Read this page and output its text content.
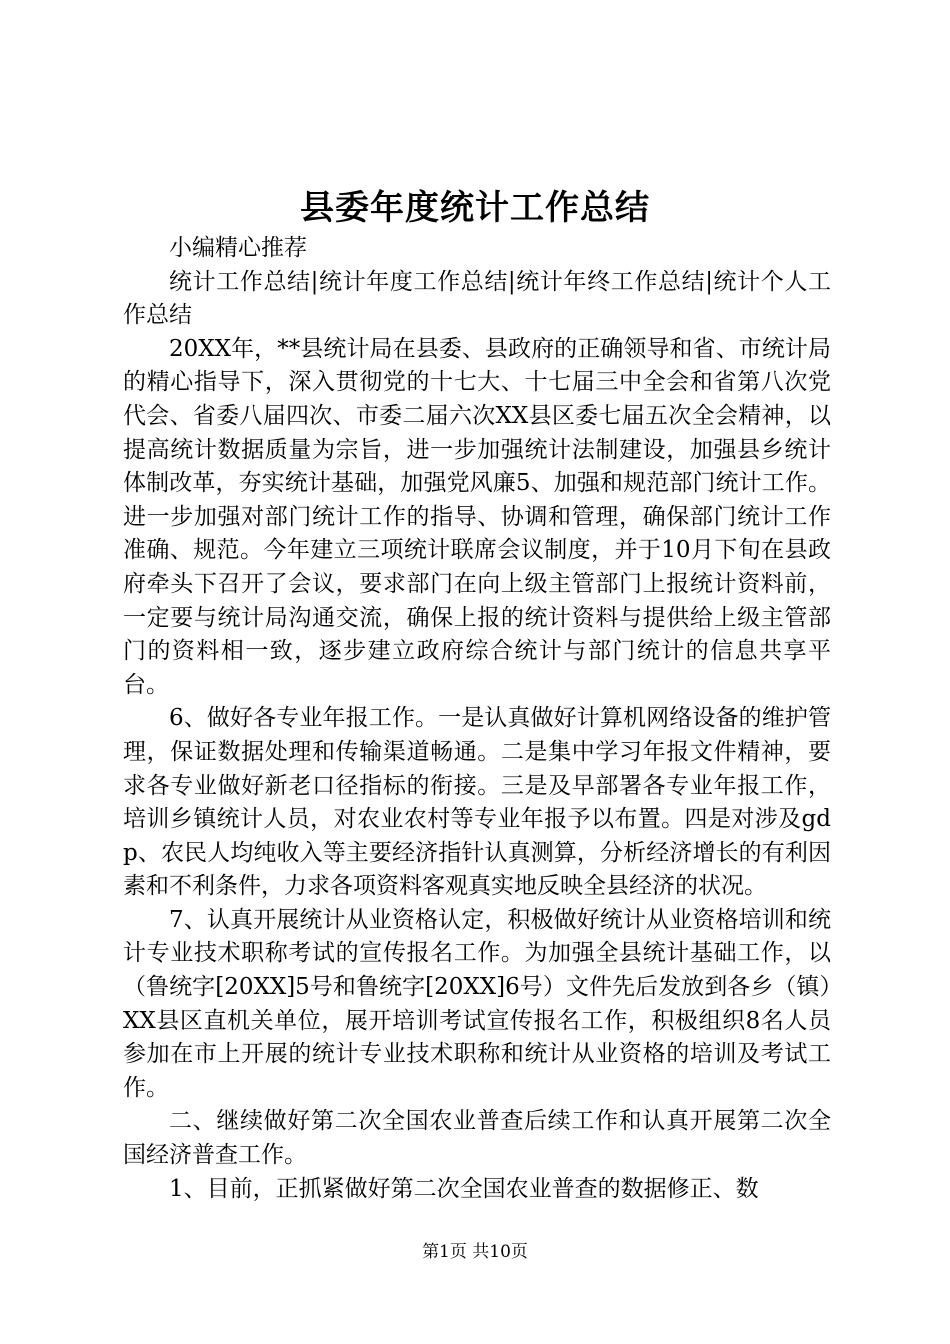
县委年度统计工作总结

小编精心推荐

统计工作总结|统计年度工作总结|统计年终工作总结|统计个人工作总结

20XX年，**县统计局在县委、县政府的正确领导和省、市统计局的精心指导下，深入贯彻党的十七大、十七届三中全会和省第八次党代会、省委八届四次、市委二届六次XX县区委七届五次全会精神，以提高统计数据质量为宗旨，进一步加强统计法制建设，加强县乡统计体制改革，夯实统计基础，加强党风廉5、加强和规范部门统计工作。进一步加强对部门统计工作的指导、协调和管理，确保部门统计工作准确、规范。今年建立三项统计联席会议制度，并于10月下旬在县政府牵头下召开了会议，要求部门在向上级主管部门上报统计资料前，一定要与统计局沟通交流，确保上报的统计资料与提供给上级主管部门的资料相一致，逐步建立政府综合统计与部门统计的信息共享平台。

6、做好各专业年报工作。一是认真做好计算机网络设备的维护管理，保证数据处理和传输渠道畅通。二是集中学习年报文件精神，要求各专业做好新老口径指标的衔接。三是及早部署各专业年报工作，培训乡镇统计人员，对农业农村等专业年报予以布置。四是对涉及gdp、农民人均纯收入等主要经济指针认真测算，分析经济增长的有利因素和不利条件，力求各项资料客观真实地反映全县经济的状况。

7、认真开展统计从业资格认定，积极做好统计从业资格培训和统计专业技术职称考试的宣传报名工作。为加强全县统计基础工作，以（鲁统字[20XX]5号和鲁统字[20XX]6号）文件先后发放到各乡（镇）XX县区直机关单位，展开培训考试宣传报名工作，积极组织8名人员参加在市上开展的统计专业技术职称和统计从业资格的培训及考试工作。

二、继续做好第二次全国农业普查后续工作和认真开展第二次全国经济普查工作。

1、目前，正抓紧做好第二次全国农业普查的数据修正、数

第1页 共10页
